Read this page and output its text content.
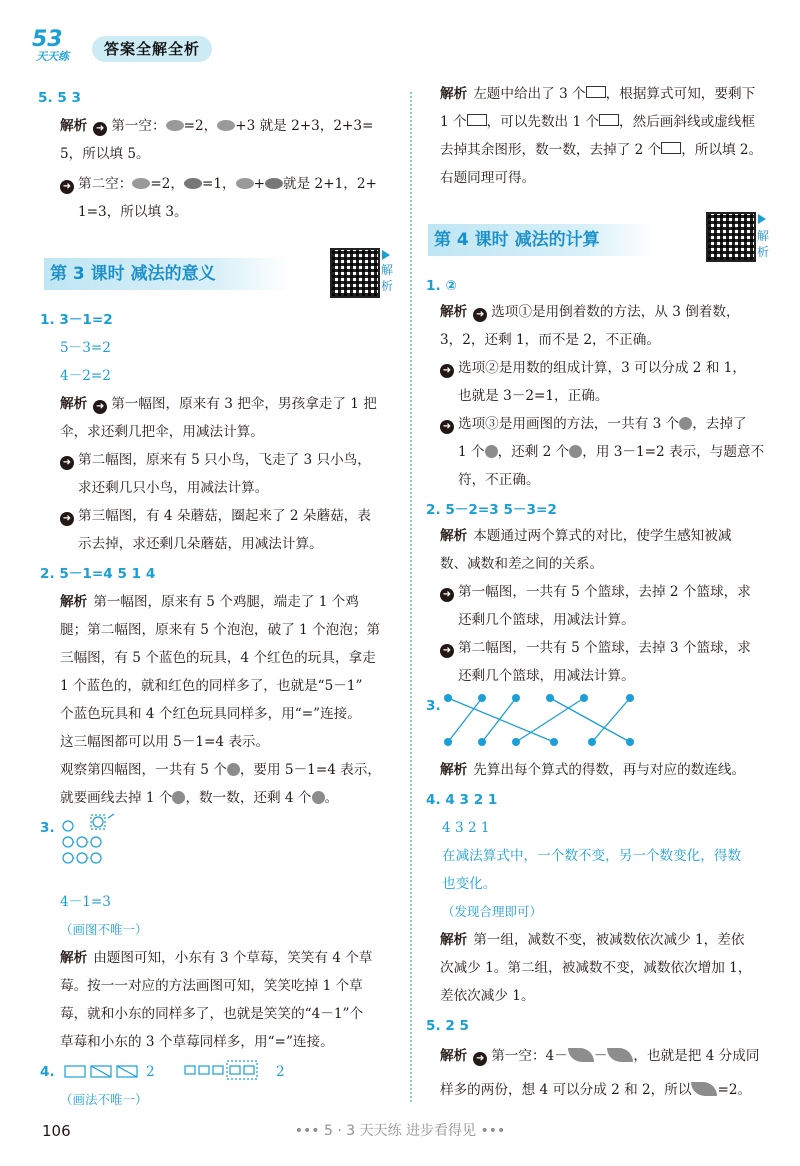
53
天天练	答案全解全析
5. 5 3
解析 ➜ 第一空： =2， +3 就是 2+3，2+3=
5，所以填 5。
➜ 第二空： =2， =1， + 就是 2+1，2+
1=3，所以填 3。
第 3 课时 减法的意义	解析
1. 3－1=2
5－3=2
4－2=2
解析 ➜ 第一幅图，原来有 3 把伞，男孩拿走了 1 把
伞，求还剩几把伞，用减法计算。
➜ 第二幅图，原来有 5 只小鸟，飞走了 3 只小鸟，
求还剩几只小鸟，用减法计算。
➜ 第三幅图，有 4 朵蘑菇，圈起来了 2 朵蘑菇，表
示去掉，求还剩几朵蘑菇，用减法计算。
2. 5－1=4 5 1 4
解析 第一幅图，原来有 5 个鸡腿，端走了 1 个鸡
腿；第二幅图，原来有 5 个泡泡，破了 1 个泡泡；第
三幅图，有 5 个蓝色的玩具，4 个红色的玩具，拿走
1 个蓝色的，就和红色的同样多了，也就是“5－1”
个蓝色玩具和 4 个红色玩具同样多，用“=”连接。
这三幅图都可以用 5－1=4 表示。
观察第四幅图，一共有 5 个 ，要用 5－1=4 表示，
就要画线去掉 1 个 ，数一数，还剩 4 个 。
3.
4－1=3
（画图不唯一）
解析 由题图可知，小东有 3 个草莓，笑笑有 4 个草
莓。按一一对应的方法画图可知，笑笑吃掉 1 个草
莓，就和小东的同样多了，也就是笑笑的“4－1”个
草莓和小东的 3 个草莓同样多，用“=”连接。
4.	2	2
（画法不唯一）
解析 左题中给出了 3 个 ，根据算式可知，要剩下
1 个 ，可以先数出 1 个 ，然后画斜线或虚线框
去掉其余图形，数一数，去掉了 2 个 ，所以填 2。
右题同理可得。
第 4 课时 减法的计算	解析
1. ②
解析 ➜ 选项①是用倒着数的方法，从 3 倒着数，
3，2，还剩 1，而不是 2，不正确。
➜ 选项②是用数的组成计算，3 可以分成 2 和 1，
也就是 3－2=1，正确。
➜ 选项③是用画图的方法，一共有 3 个 ，去掉了
1 个 ，还剩 2 个 ，用 3－1=2 表示，与题意不
符，不正确。
2. 5－2=3 5－3=2
解析 本题通过两个算式的对比，使学生感知被减
数、减数和差之间的关系。
➜ 第一幅图，一共有 5 个篮球，去掉 2 个篮球，求
还剩几个篮球，用减法计算。
➜ 第二幅图，一共有 5 个篮球，去掉 3 个篮球，求
还剩几个篮球，用减法计算。
3.
解析 先算出每个算式的得数，再与对应的数连线。
4. 4 3 2 1
4 3 2 1
在减法算式中，一个数不变，另一个数变化，得数
也变化。
（发现合理即可）
解析 第一组，减数不变，被减数依次减少 1，差依
次减少 1。第二组，被减数不变，减数依次增加 1，
差依次减少 1。
5. 2 5
解析 ➜ 第一空：4－ － ，也就是把 4 分成同
样多的两份，想 4 可以分成 2 和 2，所以 =2。
106	••• 5 · 3 天天练 进步看得见 •••
